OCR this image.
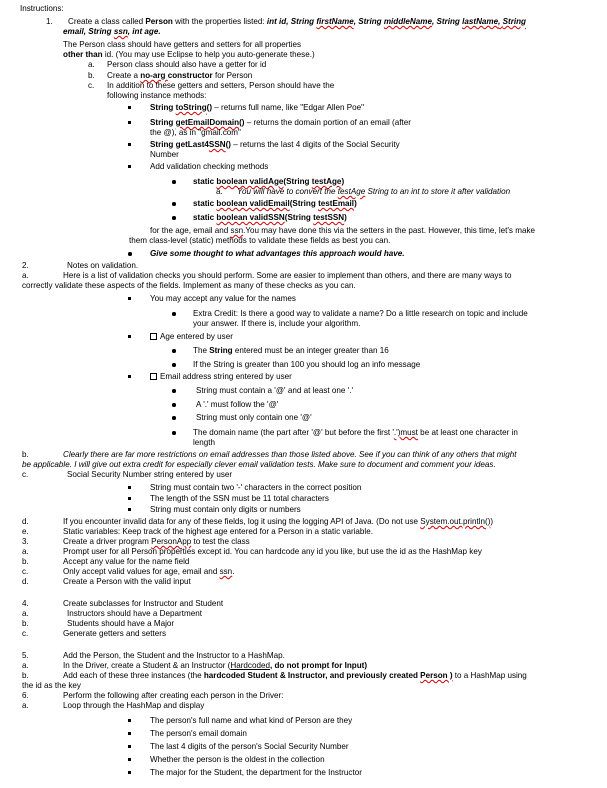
Instructions:
1. Create a class called Person with the properties listed: int id, String firstName, String middleName, String lastName, String
email, String ssn, int age.
The Person class should have getters and setters for all properties
other than id. (You may use Eclipse to help you auto-generate these.)
a. Person class should also have a getter for id
b. Create a no-arg constructor for Person
c. In addition to these getters and setters, Person should have the
following instance methods:
String toString() – returns full name, like "Edgar Allen Poe"
String getEmailDomain() – returns the domain portion of an email (after
the @), as in "gmail.com"
String getLast4SSN() – returns the last 4 digits of the Social Security
Number
Add validation checking methods
static boolean validAge(String testAge)
a. You will have to convert the testAge String to an int to store it after validation
static boolean validEmail(String testEmail)
static boolean validSSN(String testSSN)
for the age, email and ssn.You may have done this via the setters in the past. However, this time, let's make
them class-level (static) methods to validate these fields as best you can.
Give some thought to what advantages this approach would have.
2.	Notes on validation.
a.	Here is a list of validation checks you should perform. Some are easier to implement than others, and there are many ways to
correctly validate these aspects of the fields. Implement as many of these checks as you can.
You may accept any value for the names
Extra Credit: Is there a good way to validate a name? Do a little research on topic and include
your answer. If there is, include your algorithm.
Age entered by user
The String entered must be an integer greater than 16
If the String is greater than 100 you should log an info message
Email address string entered by user
String must contain a '@' and at least one '.'
A '.' must follow the '@'
String must only contain one '@'
The domain name (the part after '@' but before the first '.')must be at least one character in
length
b.	Clearly there are far more restrictions on email addresses than those listed above. See if you can think of any others that might
be applicable. I will give out extra credit for especially clever email validation tests. Make sure to document and comment your ideas.
c.	Social Security Number string entered by user
String must contain two '-' characters in the correct position
The length of the SSN must be 11 total characters
String must contain only digits or numbers
d.	If you encounter invalid data for any of these fields, log it using the logging API of Java. (Do not use System.out.println())
e.	Static variables: Keep track of the highest age entered for a Person in a static variable.
3.	Create a driver program PersonApp to test the class
a.	Prompt user for all Person properties except id. You can hardcode any id you like, but use the id as the HashMap key
b.	Accept any value for the name field
c.	Only accept valid values for age, email and ssn.
d.	Create a Person with the valid input
4.	Create subclasses for Instructor and Student
a.	Instructors should have a Department
b.	Students should have a Major
c.	Generate getters and setters
5.	Add the Person, the Student and the Instructor to a HashMap.
a.	In the Driver, create a Student & an Instructor (Hardcoded, do not prompt for Input)
b.	Add each of these three instances (the hardcoded Student & Instructor, and previously created Person ) to a HashMap using
the id as the key
6.	Perform the following after creating each person in the Driver:
a.	Loop through the HashMap and display
The person's full name and what kind of Person are they
The person's email domain
The last 4 digits of the person's Social Security Number
Whether the person is the oldest in the collection
The major for the Student, the department for the Instructor
